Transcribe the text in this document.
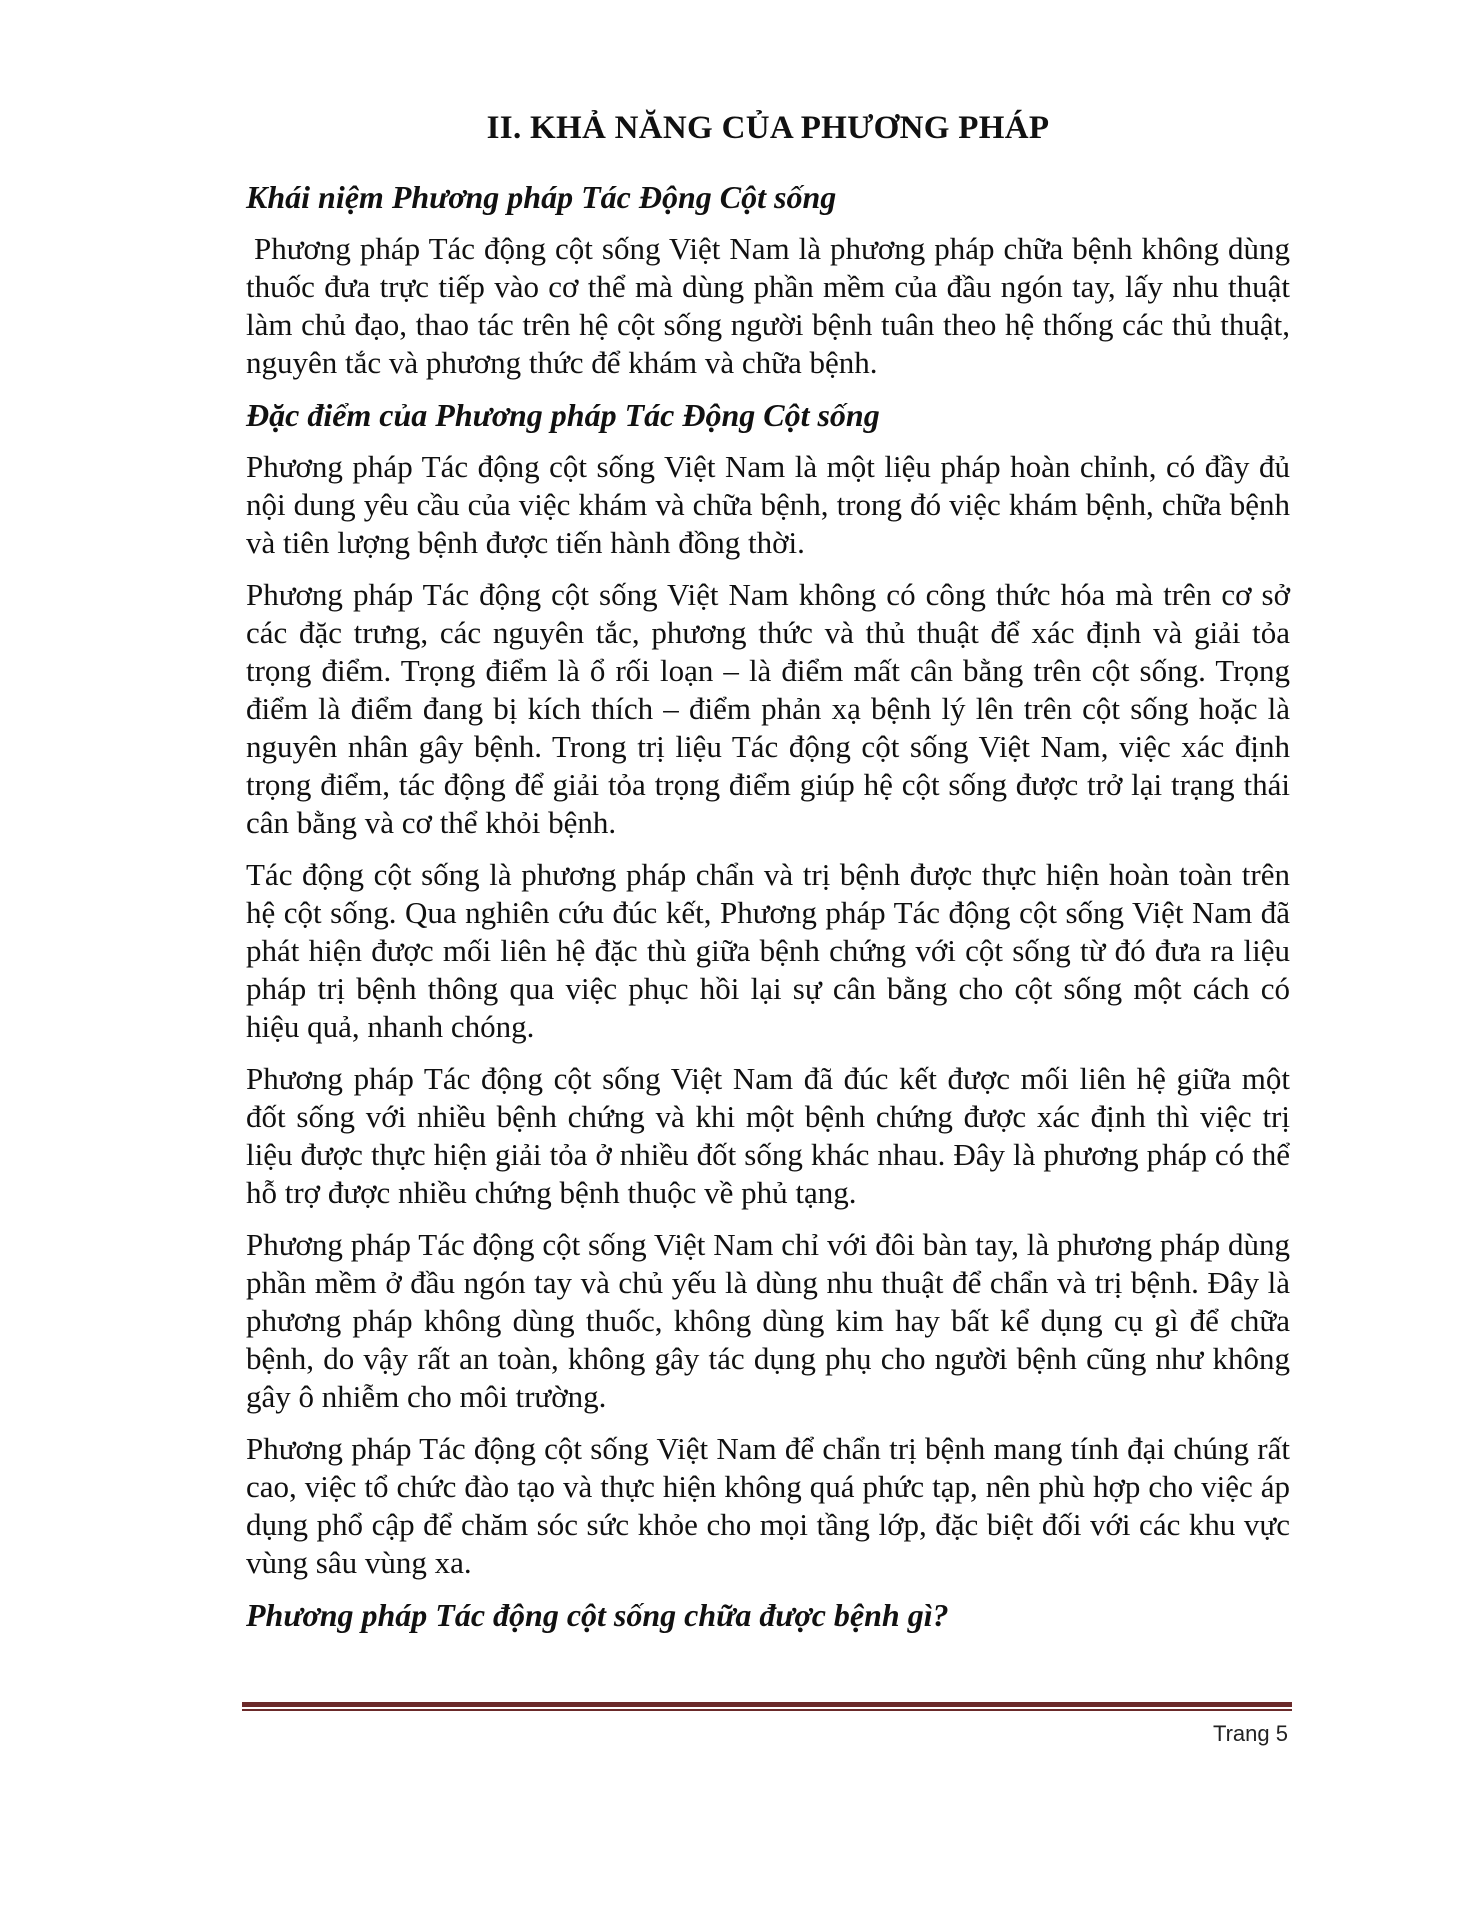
II. KHẢ NĂNG CỦA PHƯƠNG PHÁP
Khái niệm Phương pháp Tác Động Cột sống

Phương pháp Tác động cột sống Việt Nam là phương pháp chữa bệnh không dùng thuốc đưa trực tiếp vào cơ thể mà dùng phần mềm của đầu ngón tay, lấy nhu thuật làm chủ đạo, thao tác trên hệ cột sống người bệnh tuân theo hệ thống các thủ thuật, nguyên tắc và phương thức để khám và chữa bệnh.

Đặc điểm của Phương pháp Tác Động Cột sống

Phương pháp Tác động cột sống Việt Nam là một liệu pháp hoàn chỉnh, có đầy đủ nội dung yêu cầu của việc khám và chữa bệnh, trong đó việc khám bệnh, chữa bệnh và tiên lượng bệnh được tiến hành đồng thời.

Phương pháp Tác động cột sống Việt Nam không có công thức hóa mà trên cơ sở các đặc trưng, các nguyên tắc, phương thức và thủ thuật để xác định và giải tỏa trọng điểm. Trọng điểm là ổ rối loạn – là điểm mất cân bằng trên cột sống. Trọng điểm là điểm đang bị kích thích – điểm phản xạ bệnh lý lên trên cột sống hoặc là nguyên nhân gây bệnh. Trong trị liệu Tác động cột sống Việt Nam, việc xác định trọng điểm, tác động để giải tỏa trọng điểm giúp hệ cột sống được trở lại trạng thái cân bằng và cơ thể khỏi bệnh.

Tác động cột sống là phương pháp chẩn và trị bệnh được thực hiện hoàn toàn trên hệ cột sống. Qua nghiên cứu đúc kết, Phương pháp Tác động cột sống Việt Nam đã phát hiện được mối liên hệ đặc thù giữa bệnh chứng với cột sống từ đó đưa ra liệu pháp trị bệnh thông qua việc phục hồi lại sự cân bằng cho cột sống một cách có hiệu quả, nhanh chóng.

Phương pháp Tác động cột sống Việt Nam đã đúc kết được mối liên hệ giữa một đốt sống với nhiều bệnh chứng và khi một bệnh chứng được xác định thì việc trị liệu được thực hiện giải tỏa ở nhiều đốt sống khác nhau. Đây là phương pháp có thể hỗ trợ được nhiều chứng bệnh thuộc về phủ tạng.

Phương pháp Tác động cột sống Việt Nam chỉ với đôi bàn tay, là phương pháp dùng phần mềm ở đầu ngón tay và chủ yếu là dùng nhu thuật để chẩn và trị bệnh. Đây là phương pháp không dùng thuốc, không dùng kim hay bất kể dụng cụ gì để chữa bệnh, do vậy rất an toàn, không gây tác dụng phụ cho người bệnh cũng như không gây ô nhiễm cho môi trường.

Phương pháp Tác động cột sống Việt Nam để chẩn trị bệnh mang tính đại chúng rất cao, việc tổ chức đào tạo và thực hiện không quá phức tạp, nên phù hợp cho việc áp dụng phổ cập để chăm sóc sức khỏe cho mọi tầng lớp, đặc biệt đối với các khu vực vùng sâu vùng xa.

Phương pháp Tác động cột sống chữa được bệnh gì?
Trang 5
